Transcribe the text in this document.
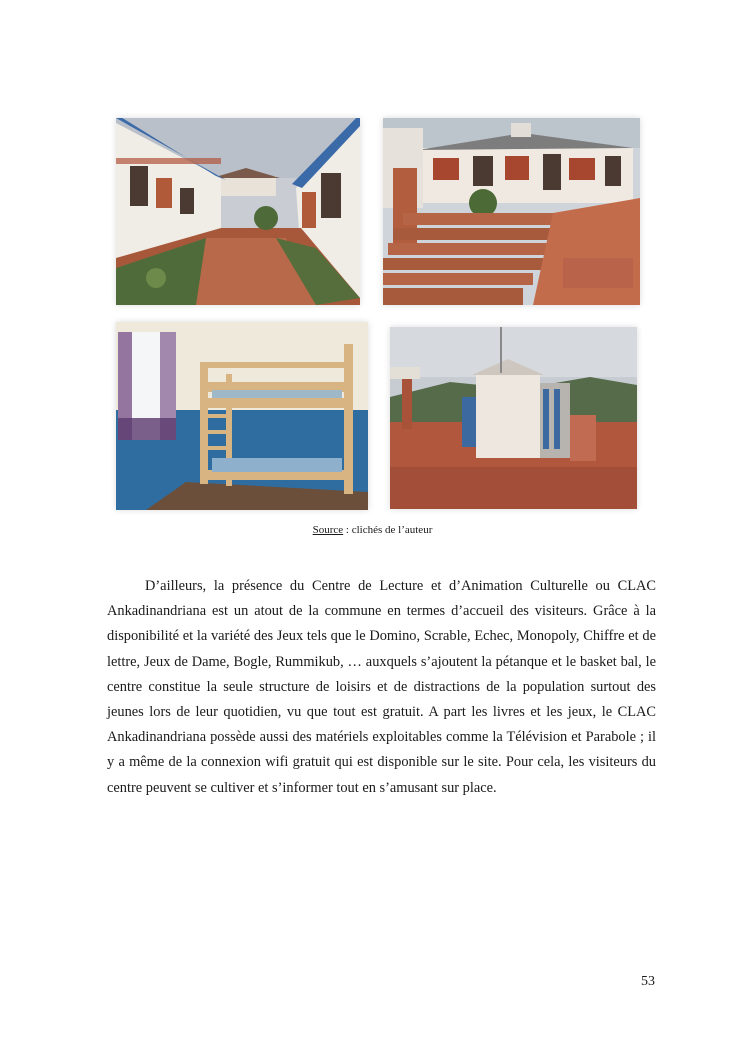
Source : clichés de l’auteur
D’ailleurs, la présence du Centre de Lecture et d’Animation Culturelle ou CLAC Ankadinandriana est un atout de la commune en termes d’accueil des visiteurs. Grâce à la disponibilité et la variété des Jeux tels que le Domino, Scrable, Echec, Monopoly, Chiffre et de lettre, Jeux de Dame, Bogle, Rummikub, … auxquels s’ajoutent la pétanque et le basket bal, le centre constitue la seule structure de loisirs et de distractions de la population surtout des jeunes lors de leur quotidien, vu que tout est gratuit. A part les livres et les jeux, le CLAC Ankadinandriana possède aussi des matériels exploitables comme la Télévision et Parabole ; il y a même de la connexion wifi gratuit qui est disponible sur le site. Pour cela, les visiteurs du centre peuvent se cultiver et s’informer tout en s’amusant sur place.
53
